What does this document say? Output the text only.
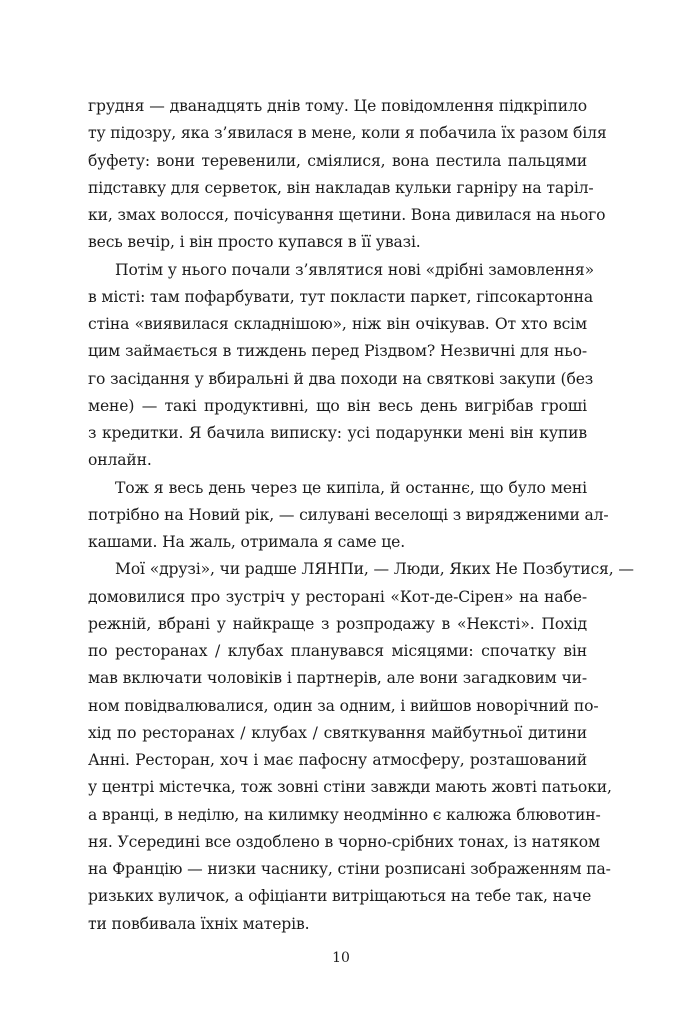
грудня — дванадцять днів тому. Це повідомлення підкріпило
ту підозру, яка з’явилася в мене, коли я побачила їх разом біля
буфету: вони теревенили, сміялися, вона пестила пальцями
підставку для серветок, він накладав кульки гарніру на таріл-
ки, змах волосся, почісування щетини. Вона дивилася на нього
весь вечір, і він просто купався в її увазі.
Потім у нього почали з’являтися нові «дрібні замовлення»
в місті: там пофарбувати, тут покласти паркет, гіпсокартонна
стіна «виявилася складнішою», ніж він очікував. От хто всім
цим займається в тиждень перед Різдвом? Незвичні для ньо-
го засідання у вбиральні й два походи на святкові закупи (без
мене) — такі продуктивні, що він весь день вигрібав гроші
з кредитки. Я бачила виписку: усі подарунки мені він купив
онлайн.
Тож я весь день через це кипіла, й останнє, що було мені
потрібно на Новий рік, — силувані веселощі з виряджeними ал-
кашами. На жаль, отримала я саме це.
Мої «друзі», чи радше ЛЯНПи, — Люди, Яких Не Позбутися, —
домовилися про зустріч у ресторані «Кот-де-Сірен» на набе-
режній, вбрані у найкраще з розпродажу в «Нексті». Похід
по ресторанах / клубах планувався місяцями: спочатку він
мав включати чоловіків і партнерів, але вони загадковим чи-
ном повідвалювалися, один за одним, і вийшов новорічний по-
хід по ресторанах / клубах / святкування майбутньої дитини
Анні. Ресторан, хоч і має пафосну атмосферу, розташований
у центрі містечка, тож зовні стіни завжди мають жовті патьоки,
а вранці, в неділю, на килимку неодмінно є калюжа блювотин-
ня. Усередині все оздоблено в чорно-срібних тонах, із натяком
на Францію — низки часнику, стіни розписані зображенням па-
ризьких вуличок, а офіціанти витріщаються на тебе так, наче
ти повбивала їхніх матерів.
10
